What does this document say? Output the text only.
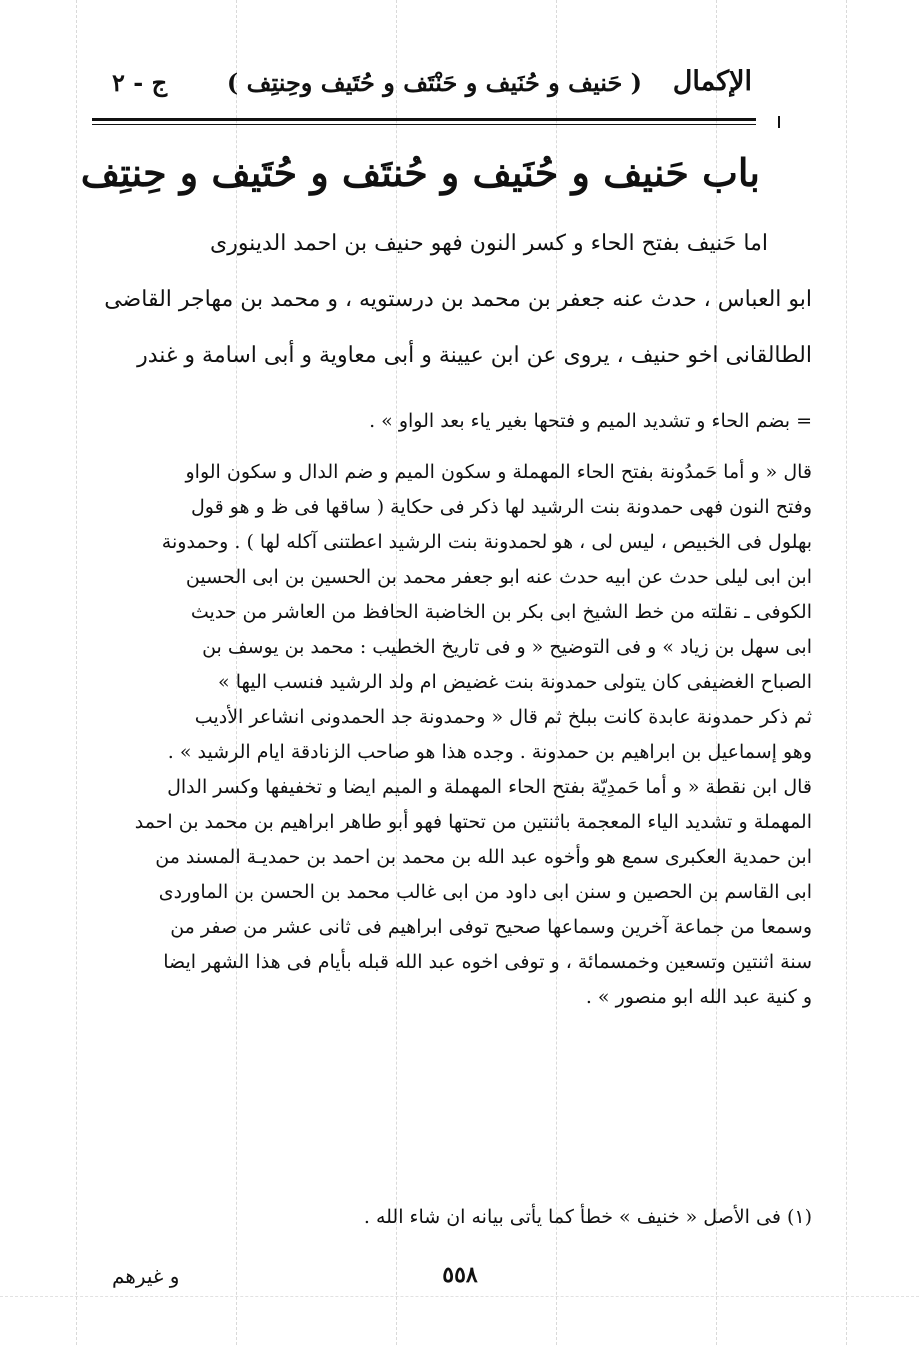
الإكمال
( حَنيف و حُنَيف و حَنْتَف و حُتَيف وحِنتِف )
ج - ٢
باب حَنيف و حُنَيف و حُنتَف و حُتَيف و حِنتِف
اما حَنيف بفتح الحاء و كسر النون فهو حنيف بن احمد الدينورى
ابو العباس ، حدث عنه جعفر بن محمد بن درستويه ، و محمد بن مهاجر القاضى
الطالقانى اخو حنيف ، يروى عن ابن عيينة و أبى معاوية و أبى اسامة و غندر
= بضم الحاء و تشديد الميم و فتحها بغير ياء بعد الواو » .
قال « و أما حَمدُونة بفتح الحاء المهملة و سكون الميم و ضم الدال و سكون الواو
وفتح النون فهى حمدونة بنت الرشيد لها ذكر فى حكاية ( ساقها فى ظ و هو قول
بهلول فى الخبيص ، ليس لى ، هو لحمدونة بنت الرشيد اعطتنى آكله لها ) . وحمدونة
ابن ابى ليلى حدث عن ابيه حدث عنه ابو جعفر محمد بن الحسين بن ابى الحسين
الكوفى ـ نقلته من خط الشيخ ابى بكر بن الخاضبة الحافظ من العاشر من حديث
ابى سهل بن زياد » و فى التوضيح « و فى تاريخ الخطيب : محمد بن يوسف بن
الصباح الغضيفى كان يتولى حمدونة بنت غضيض ام ولد الرشيد فنسب اليها »
ثم ذكر حمدونة عابدة كانت ببلخ ثم قال « وحمدونة جد الحمدونى انشاعر الأديب
وهو إسماعيل بن ابراهيم بن حمدونة . وجده هذا هو صاحب الزنادقة ايام الرشيد » .
قال ابن نقطة « و أما حَمدِيّة بفتح الحاء المهملة و الميم ايضا و تخفيفها وكسر الدال
المهملة و تشديد الياء المعجمة باثنتين من تحتها فهو أبو طاهر ابراهيم بن محمد بن احمد
ابن حمدية العكبرى سمع هو وأخوه عبد الله بن محمد بن احمد بن حمديـة المسند من
ابى القاسم بن الحصين و سنن ابى داود من ابى غالب محمد بن الحسن بن الماوردى
وسمعا من جماعة آخرين وسماعها صحيح توفى ابراهيم فى ثانى عشر من صفر من
سنة اثنتين وتسعين وخمسمائة ، و توفى اخوه عبد الله قبله بأيام فى هذا الشهر ايضا
و كنية عبد الله ابو منصور » .
(١) فى الأصل « خنيف » خطأ كما يأتى بيانه ان شاء الله .
٥٥٨
و غيرهم
